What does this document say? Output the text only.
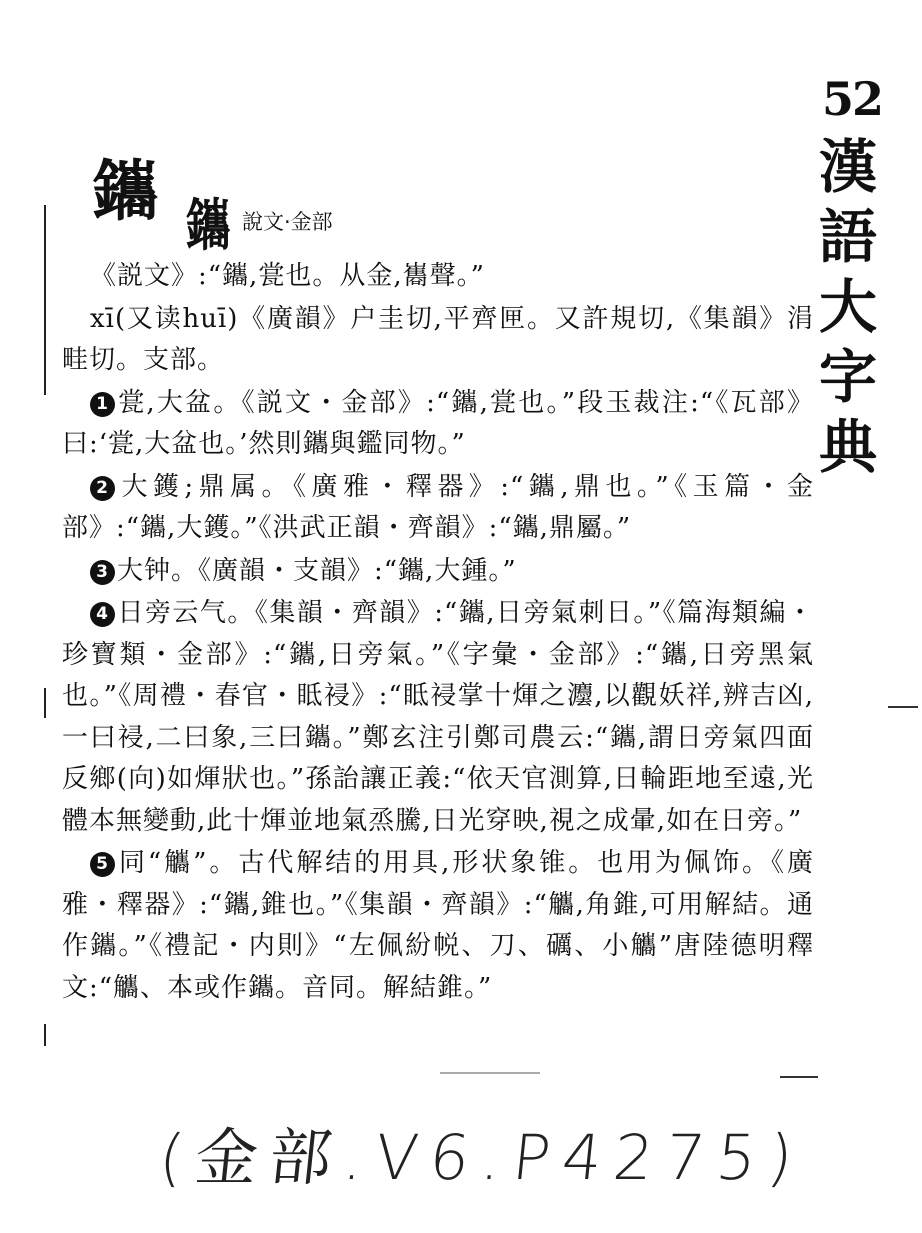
52
漢
語
大
字
典
鑴 鑴 說文·金部

《説文》:“鑴,瓽也。从金,巂聲。”

xī(又读huī)《廣韻》户圭切,平齊匣。又許規切,《集韻》涓畦切。支部。

1 瓽,大盆。《説文・金部》:“鑴,瓽也。”段玉裁注:“《瓦部》曰:‘瓽,大盆也。’然則鑴與鑑同物。”

2 大鑊;鼎属。《廣雅・釋器》:“鑴,鼎也。”《玉篇・金部》:“鑴,大鑊。”《洪武正韻・齊韻》:“鑴,鼎屬。”

3 大钟。《廣韻・支韻》:“鑴,大鍾。”

4 日旁云气。《集韻・齊韻》:“鑴,日旁氣刺日。”《篇海類編・珍寶類・金部》:“鑴,日旁氣。”《字彙・金部》:“鑴,日旁黑氣也。”《周禮・春官・眡祲》:“眡祲掌十煇之灋,以觀妖祥,辨吉凶,一曰祲,二曰象,三曰鑴。”鄭玄注引鄭司農云:“鑴,謂日旁氣四面反鄉(向)如煇狀也。”孫詒讓正義:“依天官測算,日輪距地至遠,光體本無變動,此十煇並地氣烝騰,日光穿映,視之成暈,如在日旁。”

5 同“觿”。古代解结的用具,形状象锥。也用为佩饰。《廣雅・釋器》:“鑴,錐也。”《集韻・齊韻》:“觿,角錐,可用解結。通作鑴。”《禮記・内則》“左佩紛帨、刀、礪、小觿”唐陸德明釋文:“觿、本或作鑴。音同。解結錐。”

(金部.V6.P4275)
